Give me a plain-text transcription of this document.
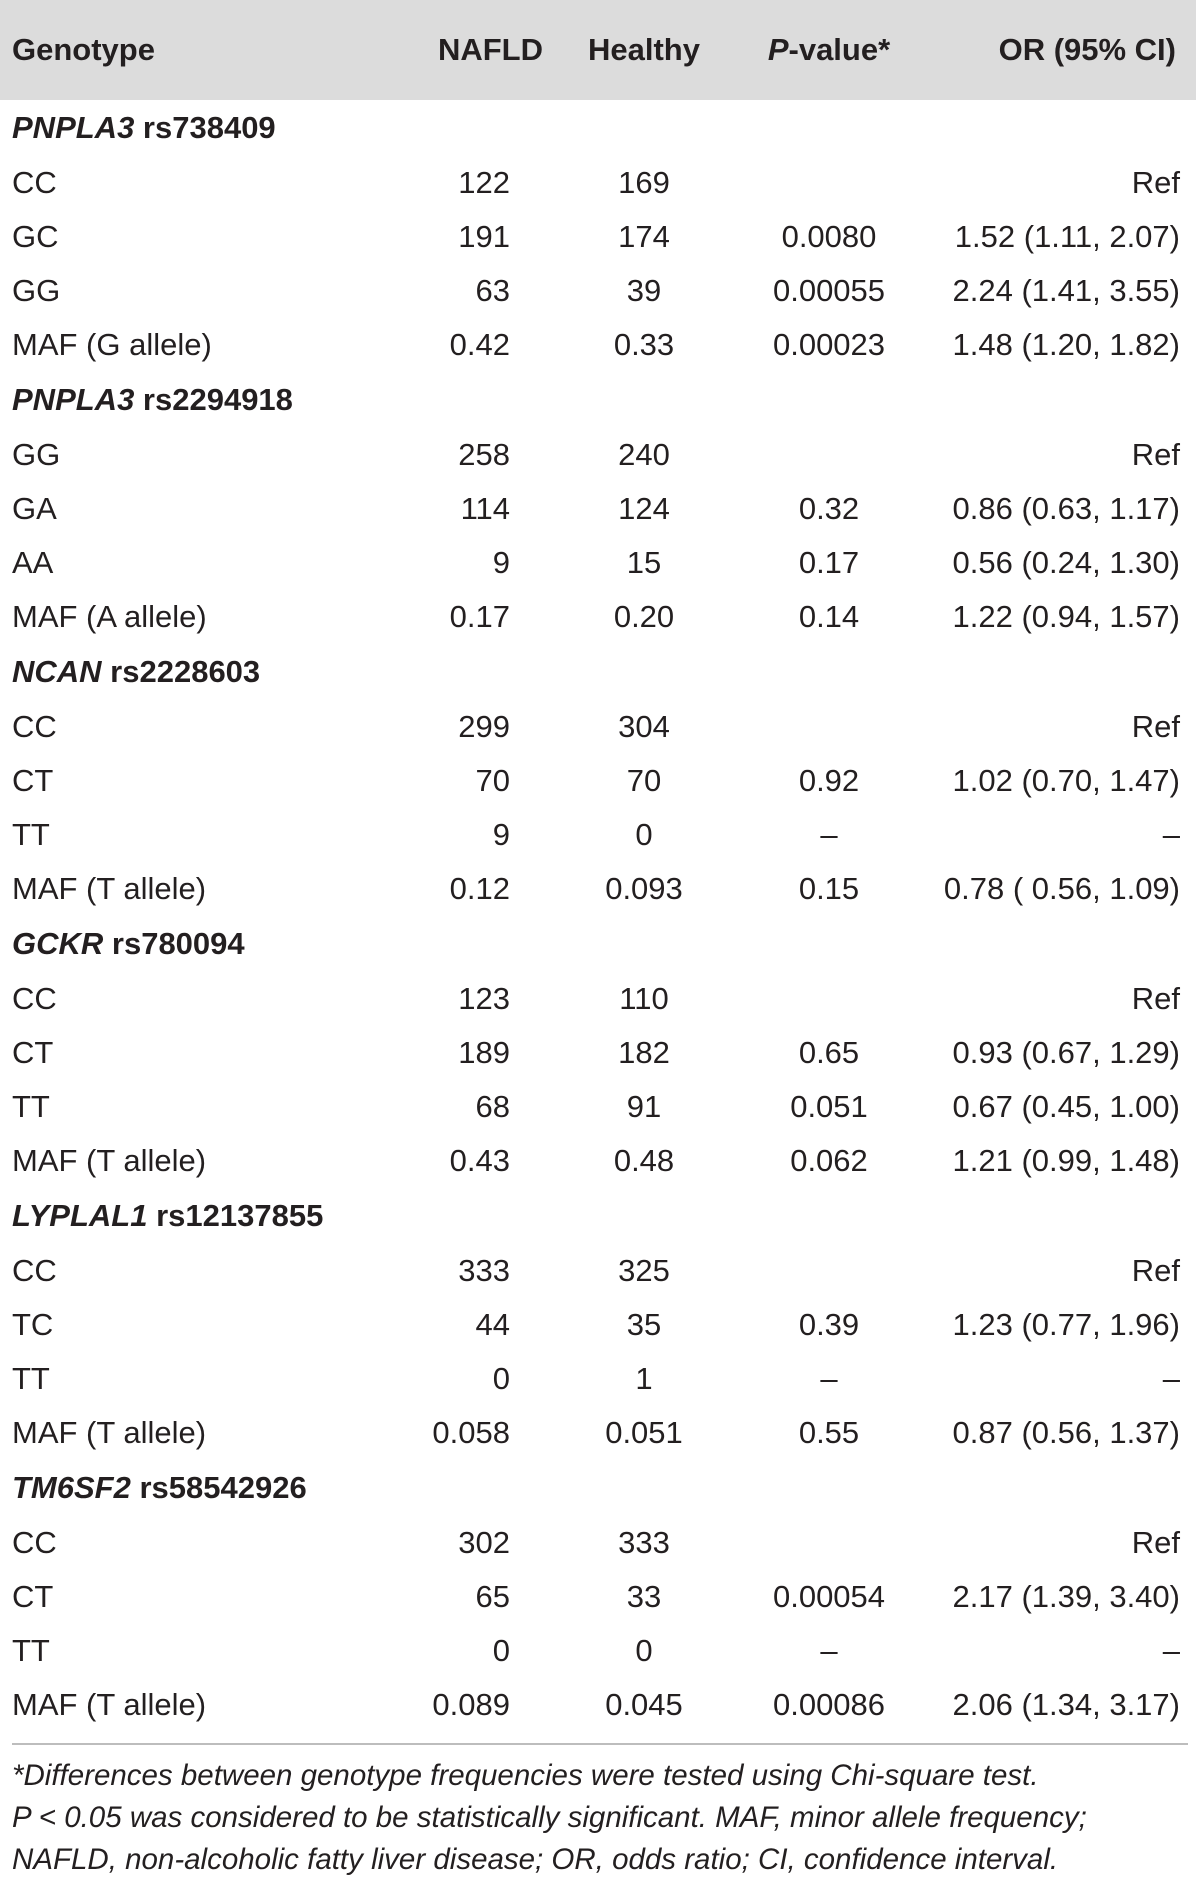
Genotype	NAFLD	Healthy	P-value*	OR (95% CI)
PNPLA3 rs738409				
CC	122	169		Ref
GC	191	174	0.0080	1.52 (1.11, 2.07)
GG	63	39	0.00055	2.24 (1.41, 3.55)
MAF (G allele)	0.42	0.33	0.00023	1.48 (1.20, 1.82)
PNPLA3 rs2294918				
GG	258	240		Ref
GA	114	124	0.32	0.86 (0.63, 1.17)
AA	9	15	0.17	0.56 (0.24, 1.30)
MAF (A allele)	0.17	0.20	0.14	1.22 (0.94, 1.57)
NCAN rs2228603				
CC	299	304		Ref
CT	70	70	0.92	1.02 (0.70, 1.47)
TT	9	0	–	–
MAF (T allele)	0.12	0.093	0.15	0.78 ( 0.56, 1.09)
GCKR rs780094				
CC	123	110		Ref
CT	189	182	0.65	0.93 (0.67, 1.29)
TT	68	91	0.051	0.67 (0.45, 1.00)
MAF (T allele)	0.43	0.48	0.062	1.21 (0.99, 1.48)
LYPLAL1 rs12137855				
CC	333	325		Ref
TC	44	35	0.39	1.23 (0.77, 1.96)
TT	0	1	–	–
MAF (T allele)	0.058	0.051	0.55	0.87 (0.56, 1.37)
TM6SF2 rs58542926				
CC	302	333		Ref
CT	65	33	0.00054	2.17 (1.39, 3.40)
TT	0	0	–	–
MAF (T allele)	0.089	0.045	0.00086	2.06 (1.34, 3.17)
*Differences between genotype frequencies were tested using Chi-square test.
P < 0.05 was considered to be statistically significant. MAF, minor allele frequency;
NAFLD, non-alcoholic fatty liver disease; OR, odds ratio; CI, confidence interval.
